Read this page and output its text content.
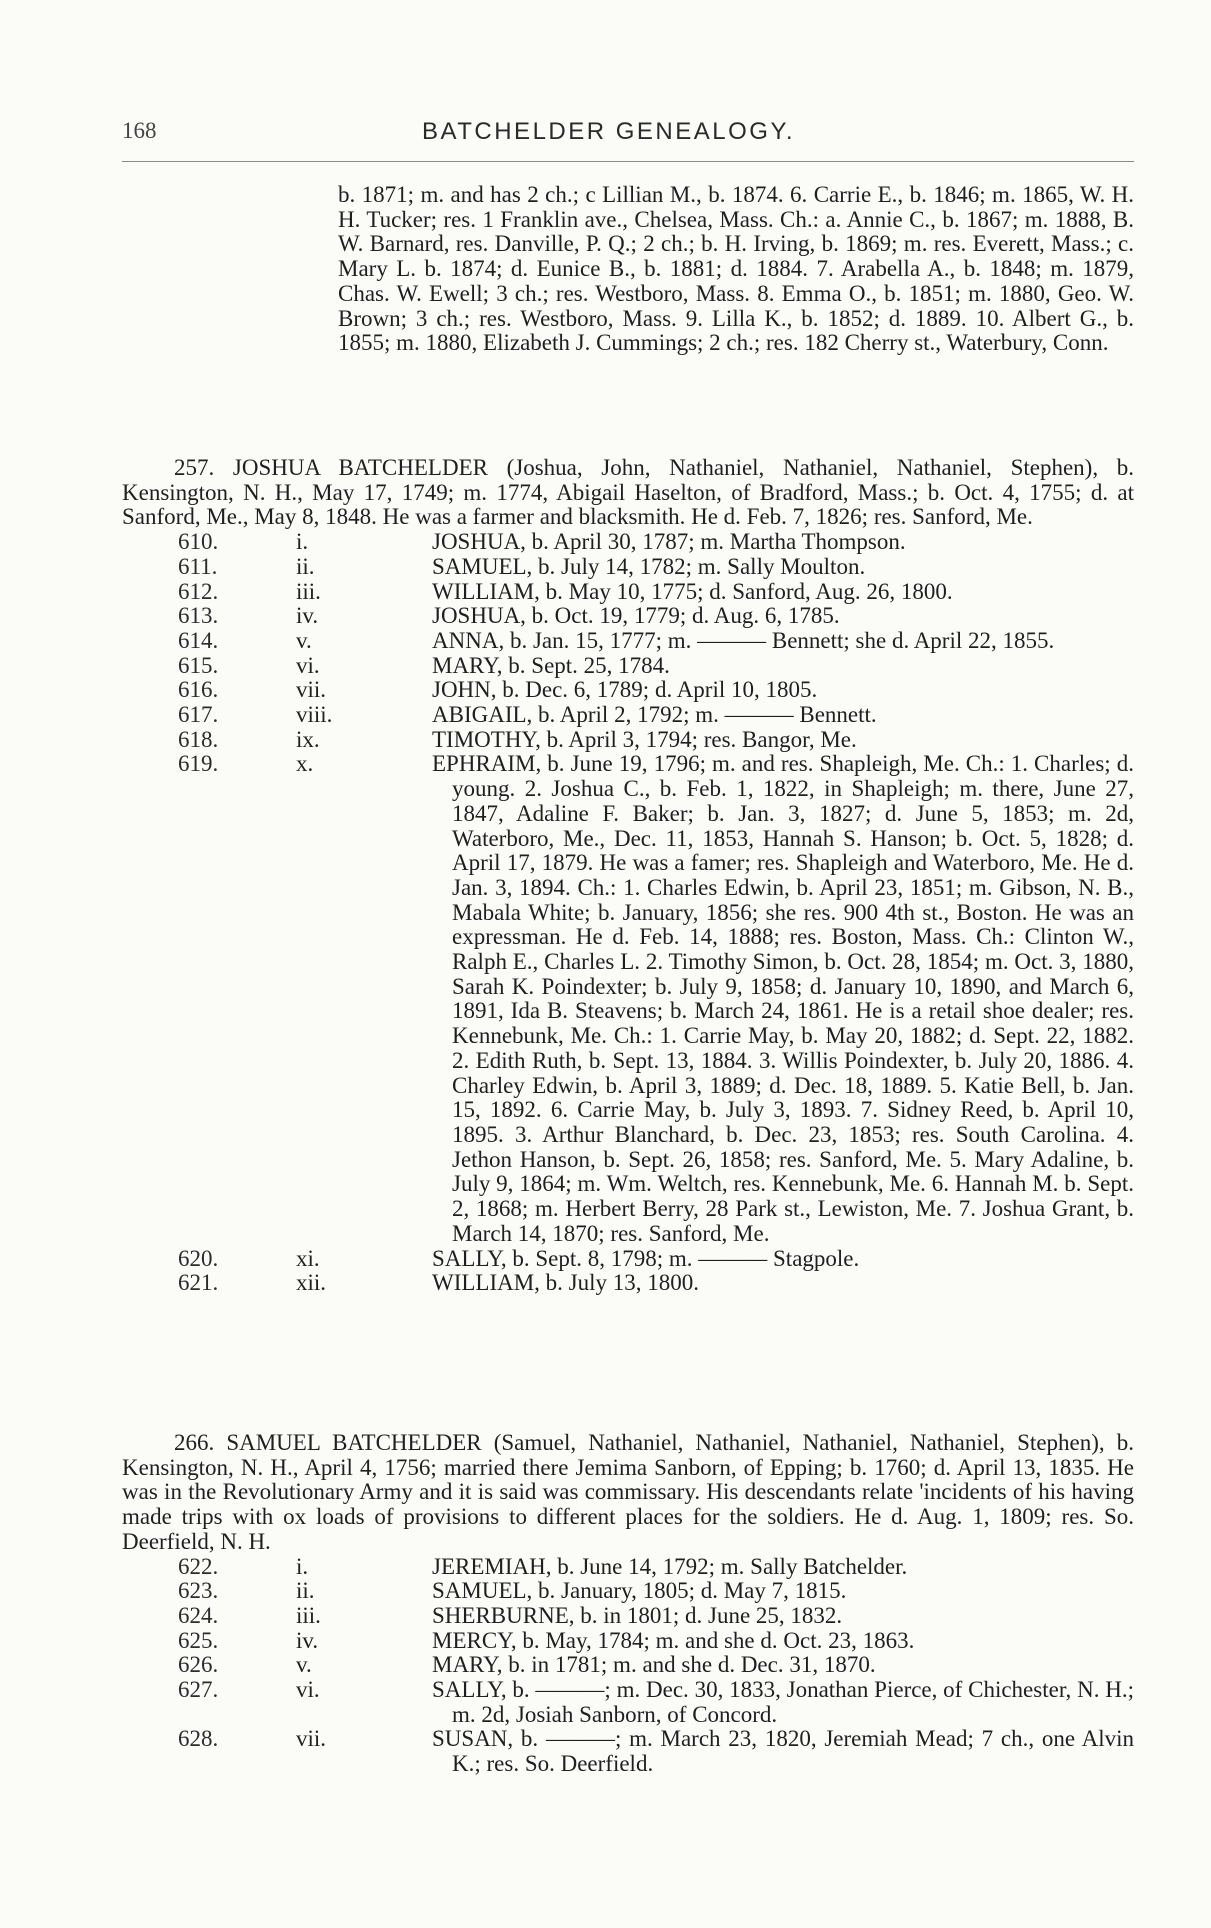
168	BATCHELDER GENEALOGY.
b. 1871; m. and has 2 ch.; c Lillian M., b. 1874. 6. Carrie E., b. 1846; m. 1865, W. H. H. Tucker; res. 1 Franklin ave., Chelsea, Mass. Ch.: a. Annie C., b. 1867; m. 1888, B. W. Barnard, res. Danville, P. Q.; 2 ch.; b. H. Irving, b. 1869; m. res. Everett, Mass.; c. Mary L. b. 1874; d. Eunice B., b. 1881; d. 1884. 7. Arabella A., b. 1848; m. 1879, Chas. W. Ewell; 3 ch.; res. Westboro, Mass. 8. Emma O., b. 1851; m. 1880, Geo. W. Brown; 3 ch.; res. Westboro, Mass. 9. Lilla K., b. 1852; d. 1889. 10. Albert G., b. 1855; m. 1880, Elizabeth J. Cummings; 2 ch.; res. 182 Cherry st., Waterbury, Conn.
257. JOSHUA BATCHELDER (Joshua, John, Nathaniel, Nathaniel, Nathaniel, Stephen), b. Kensington, N. H., May 17, 1749; m. 1774, Abigail Haselton, of Bradford, Mass.; b. Oct. 4, 1755; d. at Sanford, Me., May 8, 1848. He was a farmer and blacksmith. He d. Feb. 7, 1826; res. Sanford, Me.
610.	i.	JOSHUA, b. April 30, 1787; m. Martha Thompson.
611.	ii.	SAMUEL, b. July 14, 1782; m. Sally Moulton.
612.	iii.	WILLIAM, b. May 10, 1775; d. Sanford, Aug. 26, 1800.
613.	iv.	JOSHUA, b. Oct. 19, 1779; d. Aug. 6, 1785.
614.	v.	ANNA, b. Jan. 15, 1777; m. ——— Bennett; she d. April 22, 1855.
615.	vi.	MARY, b. Sept. 25, 1784.
616.	vii.	JOHN, b. Dec. 6, 1789; d. April 10, 1805.
617.	viii.	ABIGAIL, b. April 2, 1792; m. ——— Bennett.
618.	ix.	TIMOTHY, b. April 3, 1794; res. Bangor, Me.
619.	x.	EPHRAIM, b. June 19, 1796; m. and res. Shapleigh, Me. Ch.: 1. Charles; d. young. 2. Joshua C., b. Feb. 1, 1822, in Shapleigh; m. there, June 27, 1847, Adaline F. Baker; b. Jan. 3, 1827; d. June 5, 1853; m. 2d, Waterboro, Me., Dec. 11, 1853, Hannah S. Hanson; b. Oct. 5, 1828; d. April 17, 1879. He was a famer; res. Shapleigh and Waterboro, Me. He d. Jan. 3, 1894. Ch.: 1. Charles Edwin, b. April 23, 1851; m. Gibson, N. B., Mabala White; b. January, 1856; she res. 900 4th st., Boston. He was an expressman. He d. Feb. 14, 1888; res. Boston, Mass. Ch.: Clinton W., Ralph E., Charles L. 2. Timothy Simon, b. Oct. 28, 1854; m. Oct. 3, 1880, Sarah K. Poindexter; b. July 9, 1858; d. January 10, 1890, and March 6, 1891, Ida B. Steavens; b. March 24, 1861. He is a retail shoe dealer; res. Kennebunk, Me. Ch.: 1. Carrie May, b. May 20, 1882; d. Sept. 22, 1882. 2. Edith Ruth, b. Sept. 13, 1884. 3. Willis Poindexter, b. July 20, 1886. 4. Charley Edwin, b. April 3, 1889; d. Dec. 18, 1889. 5. Katie Bell, b. Jan. 15, 1892. 6. Carrie May, b. July 3, 1893. 7. Sidney Reed, b. April 10, 1895. 3. Arthur Blanchard, b. Dec. 23, 1853; res. South Carolina. 4. Jethon Hanson, b. Sept. 26, 1858; res. Sanford, Me. 5. Mary Adaline, b. July 9, 1864; m. Wm. Weltch, res. Kennebunk, Me. 6. Hannah M. b. Sept. 2, 1868; m. Herbert Berry, 28 Park st., Lewiston, Me. 7. Joshua Grant, b. March 14, 1870; res. Sanford, Me.
620.	xi.	SALLY, b. Sept. 8, 1798; m. ——— Stagpole.
621.	xii.	WILLIAM, b. July 13, 1800.
266. SAMUEL BATCHELDER (Samuel, Nathaniel, Nathaniel, Nathaniel, Nathaniel, Stephen), b. Kensington, N. H., April 4, 1756; married there Jemima Sanborn, of Epping; b. 1760; d. April 13, 1835. He was in the Revolutionary Army and it is said was commissary. His descendants relate 'incidents of his having made trips with ox loads of provisions to different places for the soldiers. He d. Aug. 1, 1809; res. So. Deerfield, N. H.
622.	i.	JEREMIAH, b. June 14, 1792; m. Sally Batchelder.
623.	ii.	SAMUEL, b. January, 1805; d. May 7, 1815.
624.	iii.	SHERBURNE, b. in 1801; d. June 25, 1832.
625.	iv.	MERCY, b. May, 1784; m. and she d. Oct. 23, 1863.
626.	v.	MARY, b. in 1781; m. and she d. Dec. 31, 1870.
627.	vi.	SALLY, b. ———; m. Dec. 30, 1833, Jonathan Pierce, of Chichester, N. H.; m. 2d, Josiah Sanborn, of Concord.
628.	vii.	SUSAN, b. ———; m. March 23, 1820, Jeremiah Mead; 7 ch., one Alvin K.; res. So. Deerfield.
